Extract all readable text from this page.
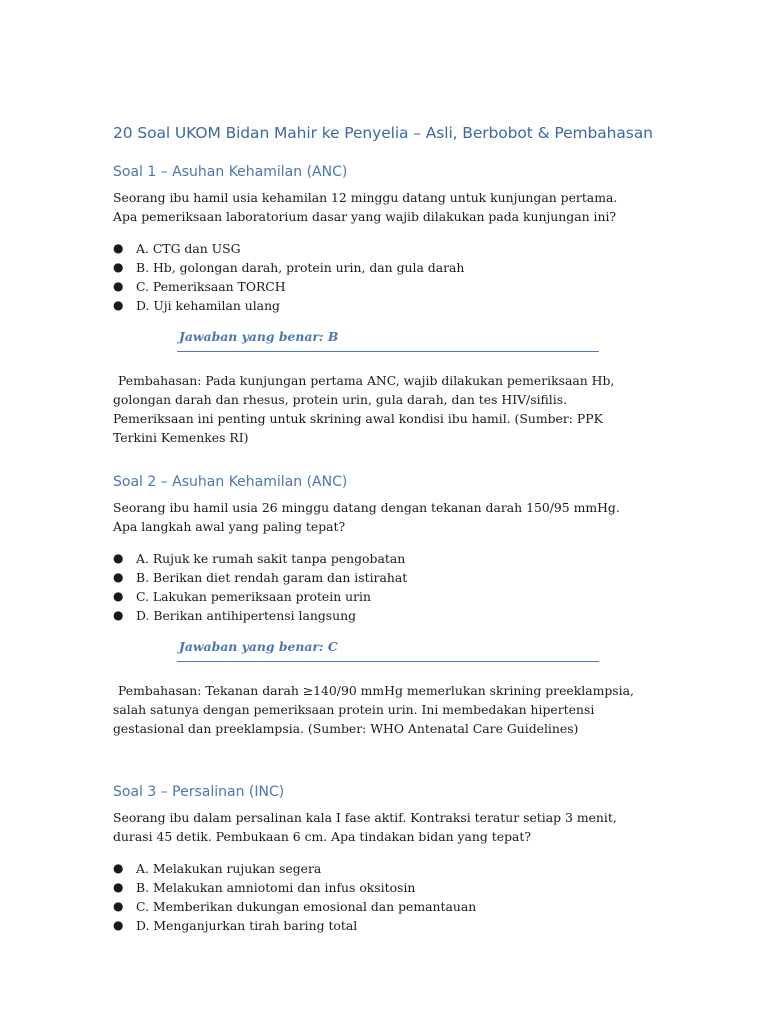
20 Soal UKOM Bidan Mahir ke Penyelia – Asli, Berbobot & Pembahasan
Soal 1 – Asuhan Kehamilan (ANC)

Seorang ibu hamil usia kehamilan 12 minggu datang untuk kunjungan pertama. Apa pemeriksaan laboratorium dasar yang wajib dilakukan pada kunjungan ini?

● A. CTG dan USG
● B. Hb, golongan darah, protein urin, dan gula darah
● C. Pemeriksaan TORCH
● D. Uji kehamilan ulang
Jawaban yang benar: B

Pembahasan: Pada kunjungan pertama ANC, wajib dilakukan pemeriksaan Hb, golongan darah dan rhesus, protein urin, gula darah, dan tes HIV/sifilis. Pemeriksaan ini penting untuk skrining awal kondisi ibu hamil. (Sumber: PPK Terkini Kemenkes RI)

Soal 2 – Asuhan Kehamilan (ANC)

Seorang ibu hamil usia 26 minggu datang dengan tekanan darah 150/95 mmHg. Apa langkah awal yang paling tepat?

● A. Rujuk ke rumah sakit tanpa pengobatan
● B. Berikan diet rendah garam dan istirahat
● C. Lakukan pemeriksaan protein urin
● D. Berikan antihipertensi langsung
Jawaban yang benar: C

Pembahasan: Tekanan darah ≥140/90 mmHg memerlukan skrining preeklampsia, salah satunya dengan pemeriksaan protein urin. Ini membedakan hipertensi gestasional dan preeklampsia. (Sumber: WHO Antenatal Care Guidelines)

Soal 3 – Persalinan (INC)

Seorang ibu dalam persalinan kala I fase aktif. Kontraksi teratur setiap 3 menit, durasi 45 detik. Pembukaan 6 cm. Apa tindakan bidan yang tepat?

● A. Melakukan rujukan segera
● B. Melakukan amniotomi dan infus oksitosin
● C. Memberikan dukungan emosional dan pemantauan
● D. Menganjurkan tirah baring total
